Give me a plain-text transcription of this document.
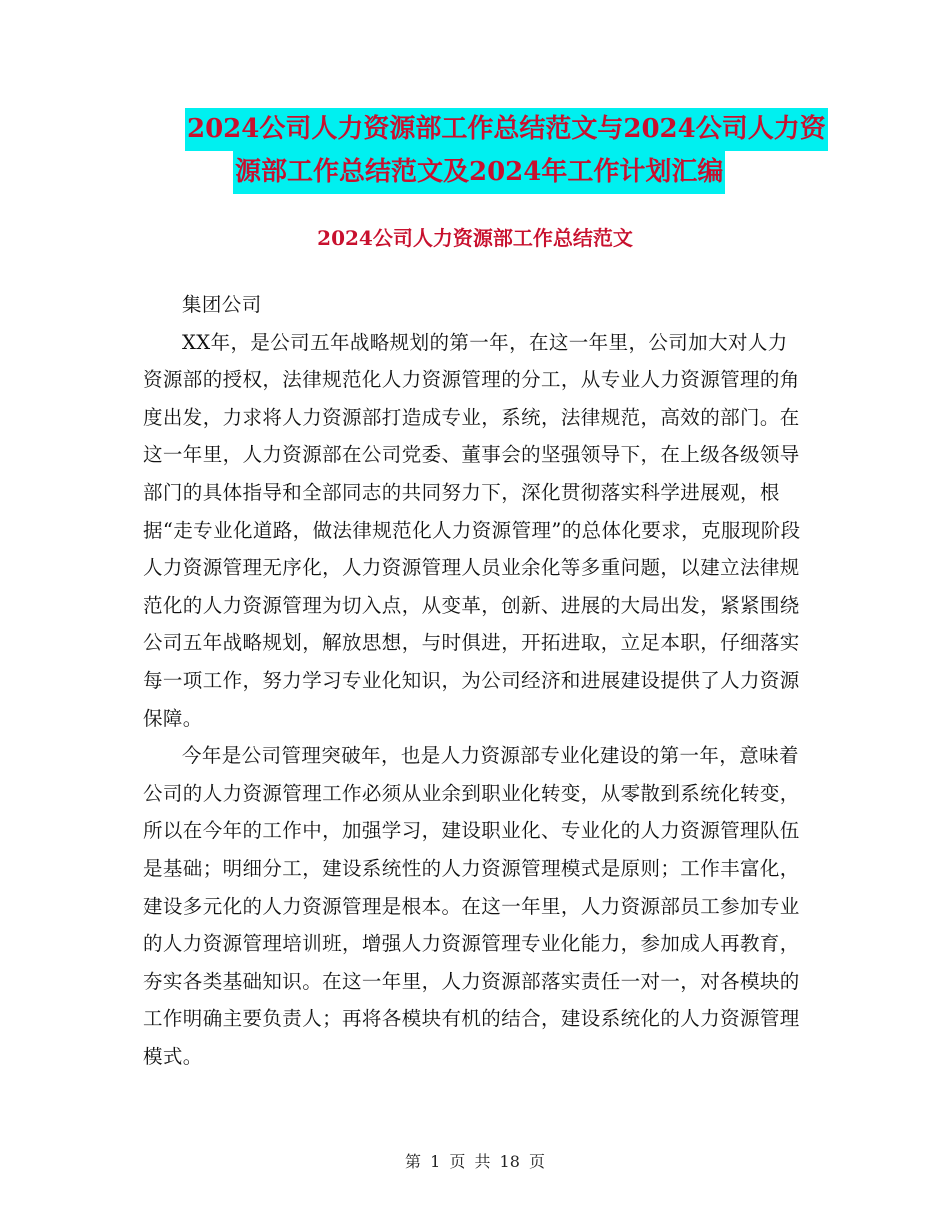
2024公司人力资源部工作总结范文与2024公司人力资
源部工作总结范文及2024年工作计划汇编
2024公司人力资源部工作总结范文

集团公司

XX年，是公司五年战略规划的第一年，在这一年里，公司加大对人力资源部的授权，法律规范化人力资源管理的分工，从专业人力资源管理的角度出发，力求将人力资源部打造成专业，系统，法律规范，高效的部门。在这一年里，人力资源部在公司党委、董事会的坚强领导下，在上级各级领导部门的具体指导和全部同志的共同努力下，深化贯彻落实科学进展观，根据“走专业化道路，做法律规范化人力资源管理”的总体化要求，克服现阶段人力资源管理无序化，人力资源管理人员业余化等多重问题，以建立法律规范化的人力资源管理为切入点，从变革，创新、进展的大局出发，紧紧围绕公司五年战略规划，解放思想，与时俱进，开拓进取，立足本职，仔细落实每一项工作，努力学习专业化知识，为公司经济和进展建设提供了人力资源保障。

今年是公司管理突破年，也是人力资源部专业化建设的第一年，意味着公司的人力资源管理工作必须从业余到职业化转变，从零散到系统化转变，所以在今年的工作中，加强学习，建设职业化、专业化的人力资源管理队伍是基础；明细分工，建设系统性的人力资源管理模式是原则；工作丰富化，建设多元化的人力资源管理是根本。在这一年里，人力资源部员工参加专业的人力资源管理培训班，增强人力资源管理专业化能力，参加成人再教育，夯实各类基础知识。在这一年里，人力资源部落实责任一对一，对各模块的工作明确主要负责人；再将各模块有机的结合，建设系统化的人力资源管理模式。

第 1 页 共 18 页
